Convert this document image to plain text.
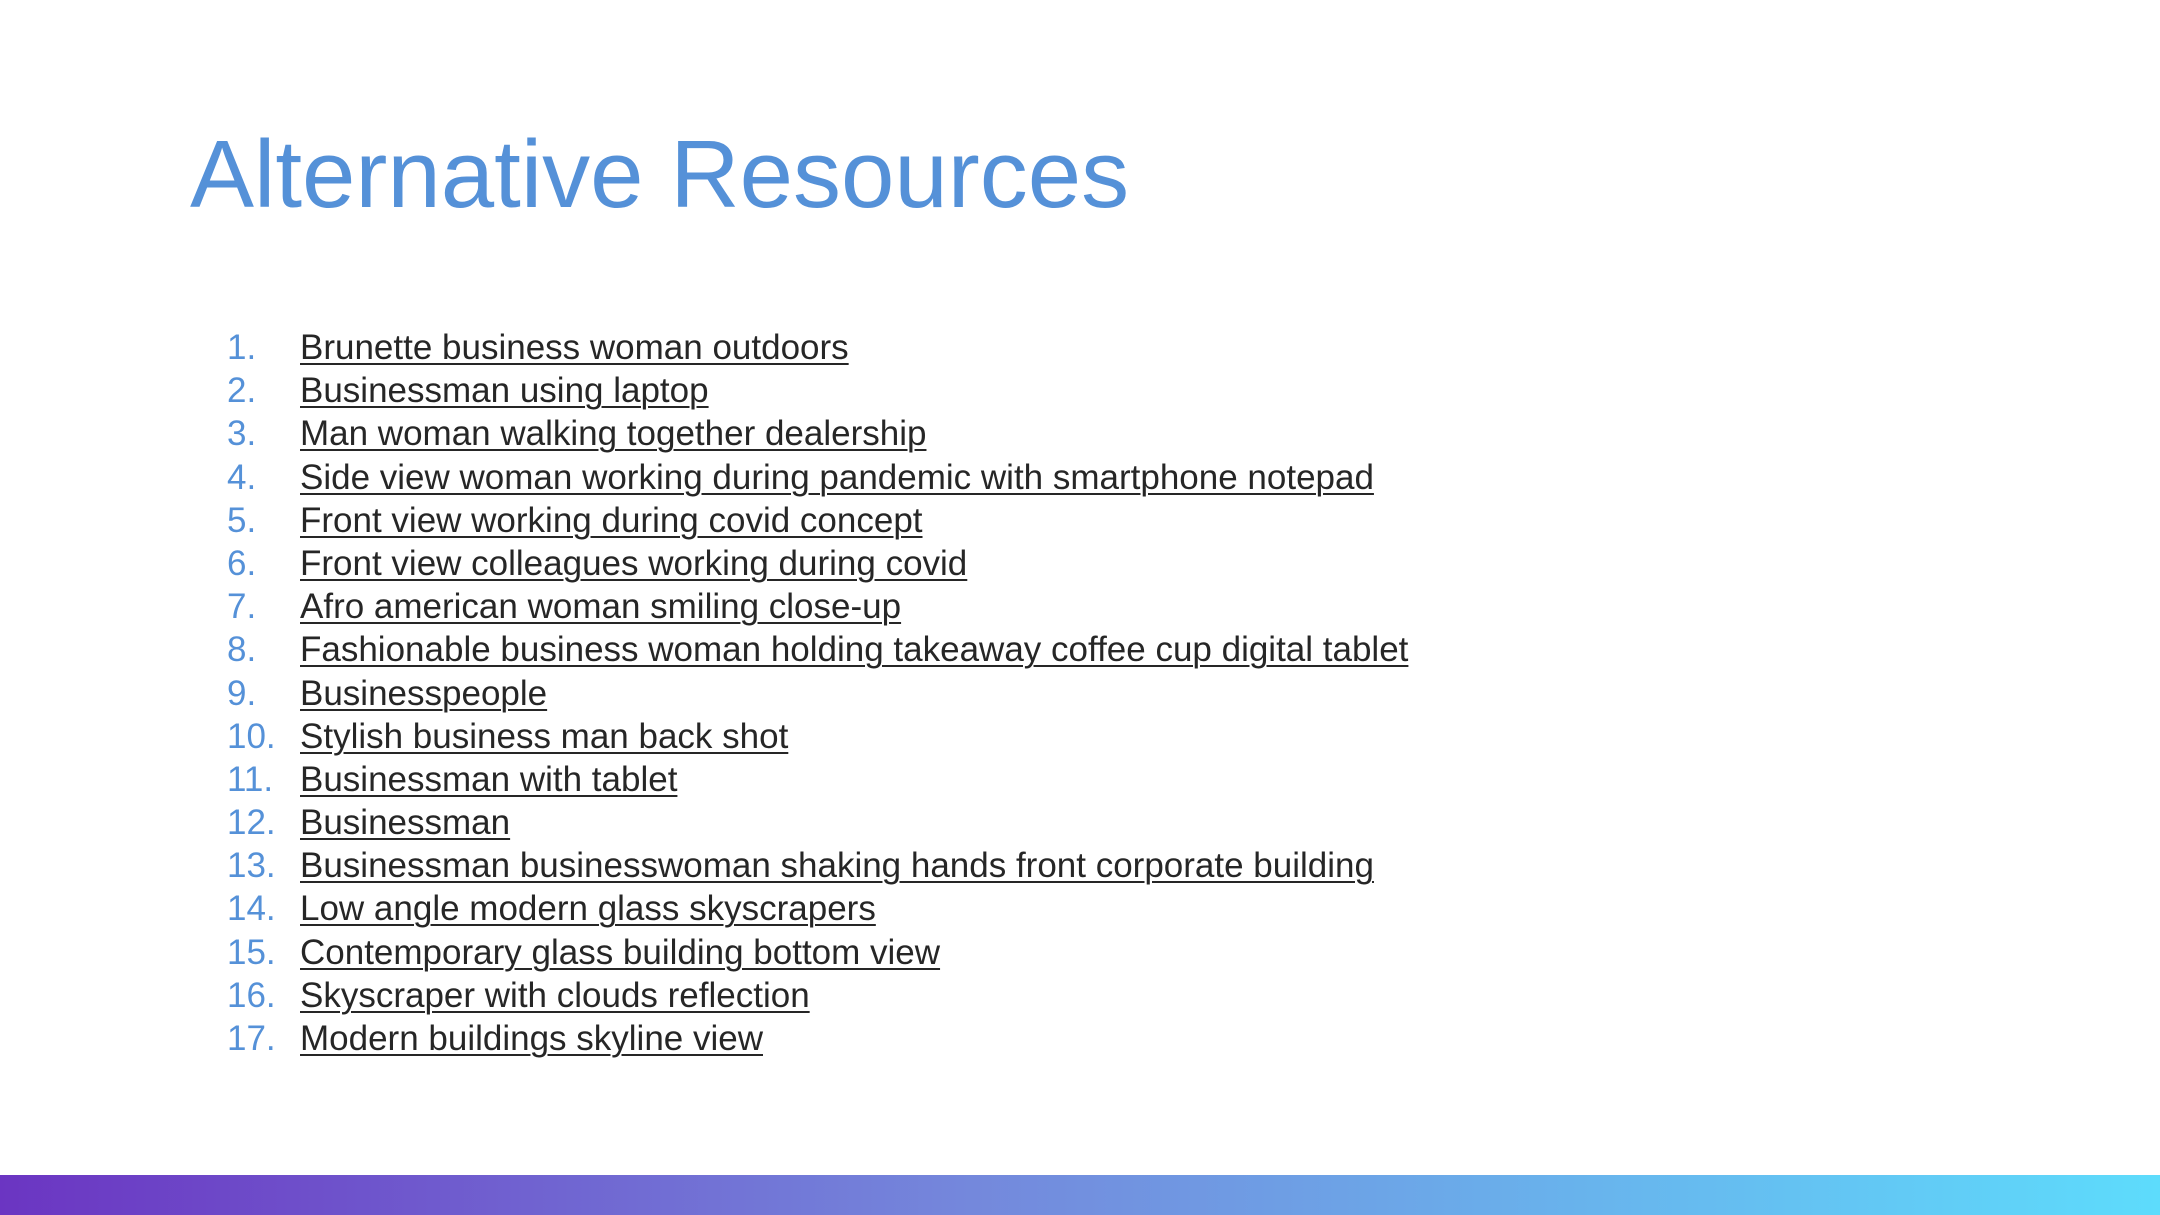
Alternative Resources
1.	Brunette business woman outdoors
2.	Businessman using laptop
3.	Man woman walking together dealership
4.	Side view woman working during pandemic with smartphone notepad
5.	Front view working during covid concept
6.	Front view colleagues working during covid
7.	Afro american woman smiling close-up
8.	Fashionable business woman holding takeaway coffee cup digital tablet
9.	Businesspeople
10. Stylish business man back shot
11. Businessman with tablet
12. Businessman
13. Businessman businesswoman shaking hands front corporate building
14. Low angle modern glass skyscrapers
15. Contemporary glass building bottom view
16. Skyscraper with clouds reflection
17. Modern buildings skyline view
